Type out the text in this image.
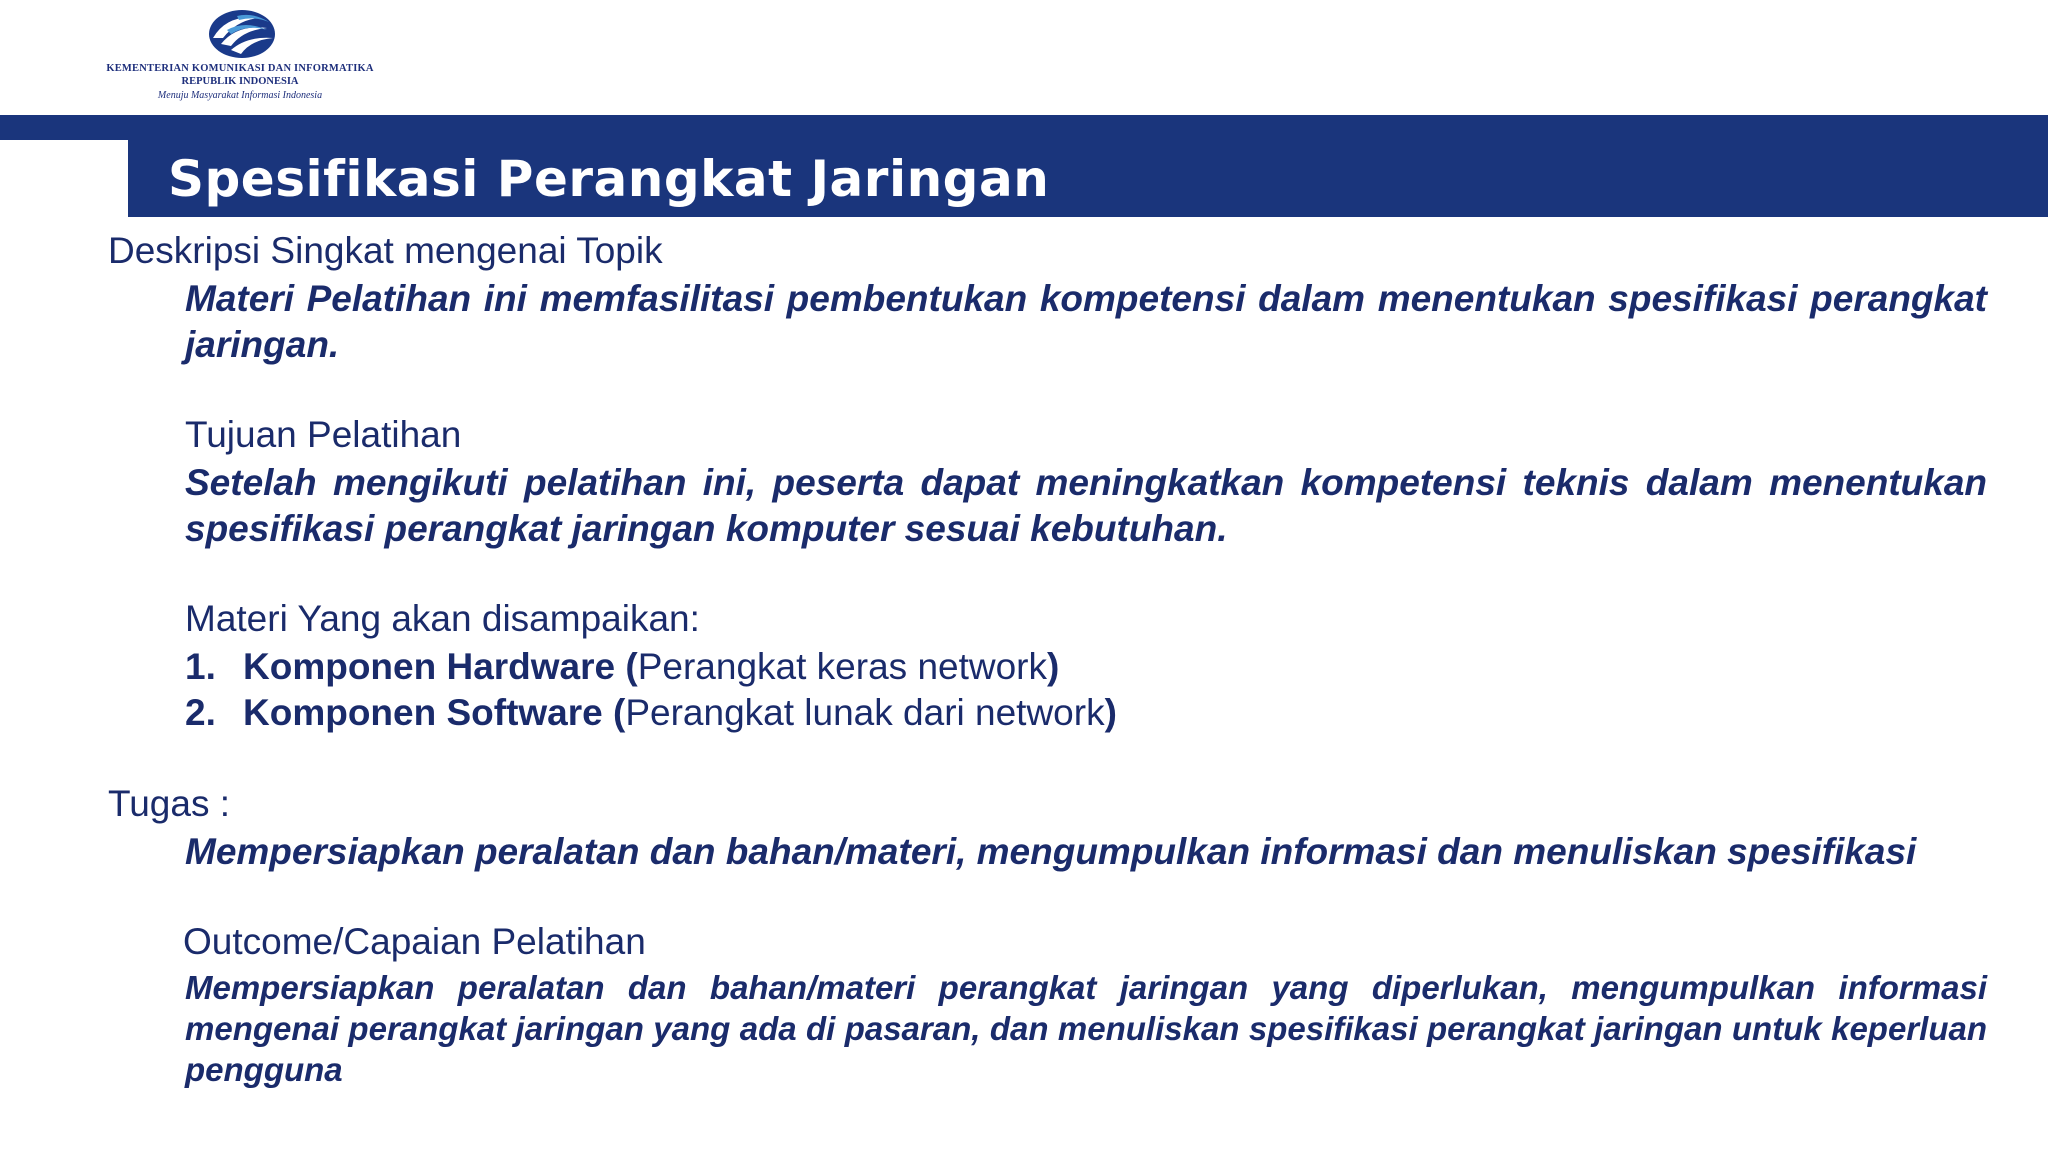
KEMENTERIAN KOMUNIKASI DAN INFORMATIKA
REPUBLIK INDONESIA
Menuju Masyarakat Informasi Indonesia
Spesifikasi Perangkat Jaringan
Deskripsi Singkat mengenai Topik
Materi Pelatihan ini memfasilitasi pembentukan kompetensi dalam menentukan spesifikasi perangkat jaringan.
Tujuan Pelatihan
Setelah mengikuti pelatihan ini, peserta dapat meningkatkan kompetensi teknis dalam menentukan spesifikasi perangkat jaringan komputer sesuai kebutuhan.
Materi Yang akan disampaikan:
1. Komponen Hardware (Perangkat keras network)
2. Komponen Software (Perangkat lunak dari network)
Tugas :
Mempersiapkan peralatan dan bahan/materi, mengumpulkan informasi dan menuliskan spesifikasi
Outcome/Capaian Pelatihan
Mempersiapkan peralatan dan bahan/materi perangkat jaringan yang diperlukan, mengumpulkan informasi mengenai perangkat jaringan yang ada di pasaran, dan menuliskan spesifikasi perangkat jaringan untuk keperluan pengguna
